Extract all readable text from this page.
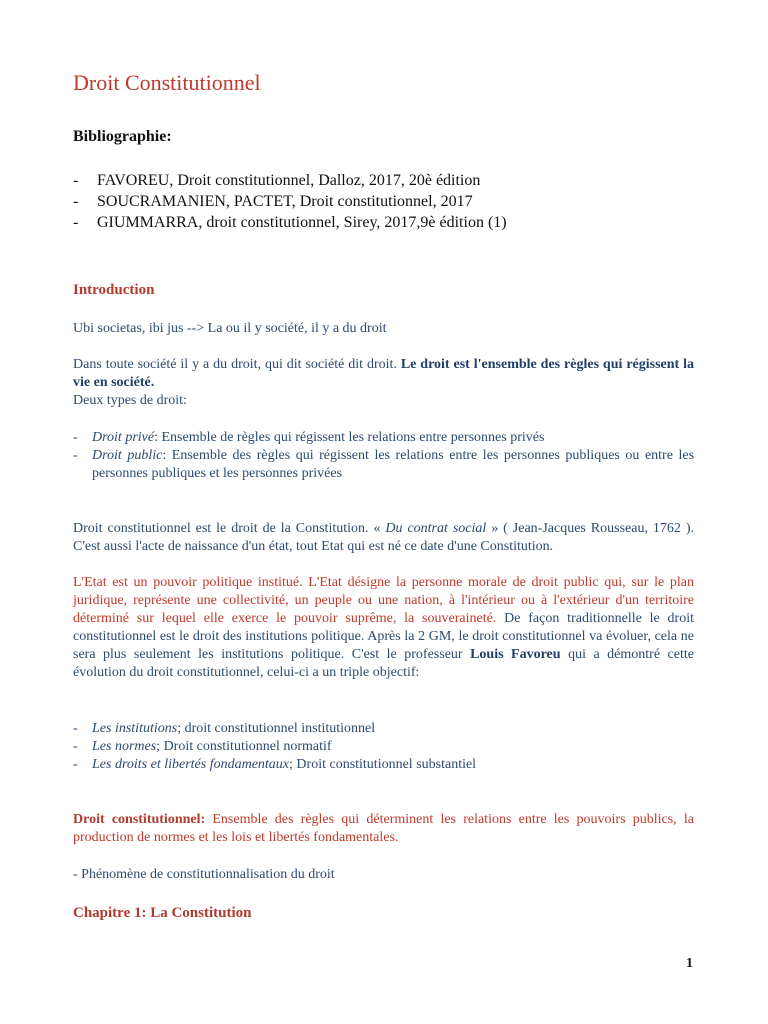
Droit Constitutionnel
Bibliographie:
- FAVOREU, Droit constitutionnel, Dalloz, 2017, 20è édition
- SOUCRAMANIEN, PACTET, Droit constitutionnel, 2017
- GIUMMARRA, droit constitutionnel, Sirey, 2017,9è édition (1)
Introduction
Ubi societas, ibi jus --> La ou il y société, il y a du droit
Dans toute société il y a du droit, qui dit société dit droit. Le droit est l'ensemble des règles qui régissent la vie en société.
Deux types de droit:
- Droit privé: Ensemble de règles qui régissent les relations entre personnes privés
- Droit public: Ensemble des règles qui régissent les relations entre les personnes publiques ou entre les personnes publiques et les personnes privées
Droit constitutionnel est le droit de la Constitution. « Du contrat social » ( Jean-Jacques Rousseau, 1762 ). C'est aussi l'acte de naissance d'un état, tout Etat qui est né ce date d'une Constitution.
L'Etat est un pouvoir politique institué. L'Etat désigne la personne morale de droit public qui, sur le plan juridique, représente une collectivité, un peuple ou une nation, à l'intérieur ou à l'extérieur d'un territoire déterminé sur lequel elle exerce le pouvoir suprême, la souveraineté. De façon traditionnelle le droit constitutionnel est le droit des institutions politique. Après la 2 GM, le droit constitutionnel va évoluer, cela ne sera plus seulement les institutions politique. C'est le professeur Louis Favoreu qui a démontré cette évolution du droit constitutionnel, celui-ci a un triple objectif:
- Les institutions; droit constitutionnel institutionnel
- Les normes; Droit constitutionnel normatif
- Les droits et libertés fondamentaux; Droit constitutionnel substantiel
Droit constitutionnel: Ensemble des règles qui déterminent les relations entre les pouvoirs publics, la production de normes et les lois et libertés fondamentales.
- Phénomène de constitutionnalisation du droit
Chapitre 1: La Constitution
1
